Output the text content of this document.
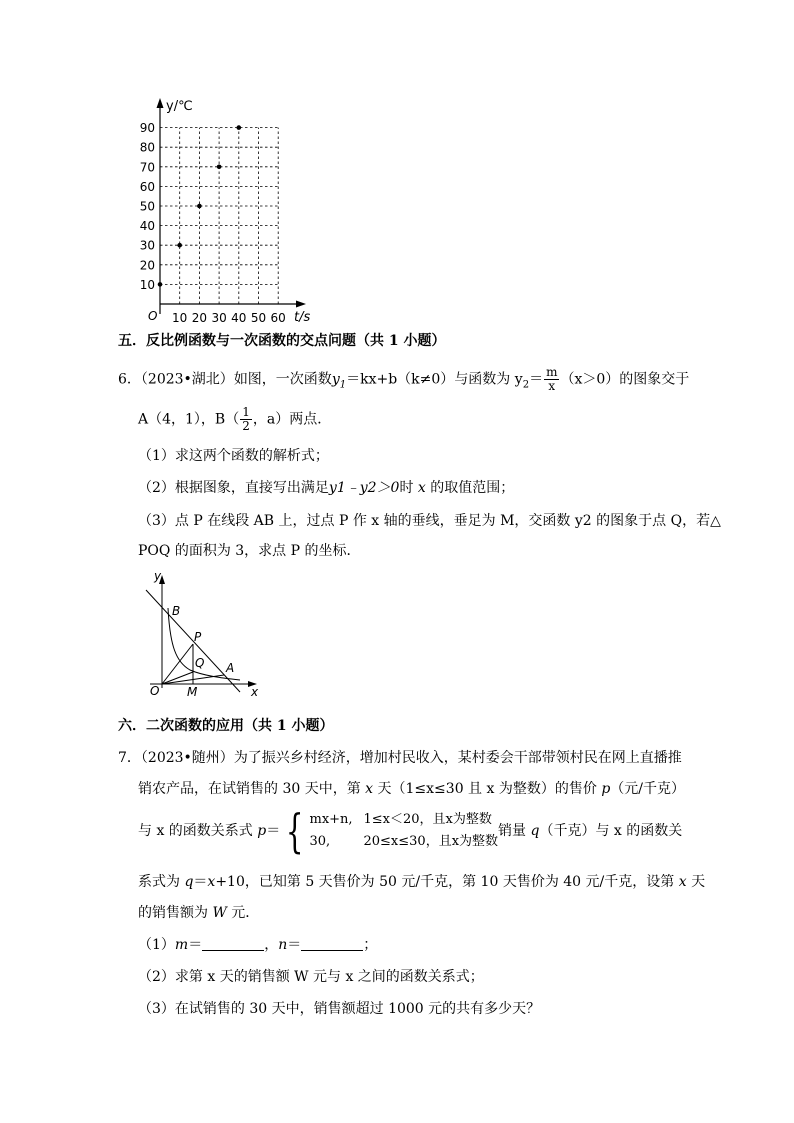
y/℃
t/s
O
10
20
30
40
50
60
70
80
90
10 20 30 40 50 60
五．反比例函数与一次函数的交点问题（共 1 小题）
6．（2023•湖北）如图，一次函数$y_1=kx+b(k\ne 0)$与函数为 $y_2= \frac{m}{x} (x>0)$的图象交于
A（4，1），$B( \frac{1}{2}$ ，a）两点．
（1）求这两个函数的解析式；
（2）根据图象，直接写出满足y1﹣y2＞0时 x 的取值范围；
（3）点 P 在线段 AB 上，过点 P 作 x 轴的垂线，垂足为 M，交函数 y2 的图象于点 Q，若△
POQ 的面积为 3，求点 P 的坐标．
y
x
O
B
P
Q A
M
六．二次函数的应用（共 1 小题）
7．（2023•随州）为了振兴乡村经济，增加村民收入，某村委会干部带领村民在网上直播推
销农产品，在试销售的 30 天中，第 x 天（1≤x≤30 且 x 为整数）的售价 p（元/千克）
与 x 的函数关系式 p＝ { mx+n, 1≤x＜20，且x为整数
30,	20≤x≤30，且x为整数
销量 q（千克）与 x 的函数关
系式为 q＝x+10，已知第 5 天售价为 50 元/千克，第 10 天售价为 40 元/千克，设第 x 天
的销售额为 W 元．
（1）m＝	，n＝	；
（2）求第 x 天的销售额 W 元与 x 之间的函数关系式；
（3）在试销售的 30 天中，销售额超过 1000 元的共有多少天？
